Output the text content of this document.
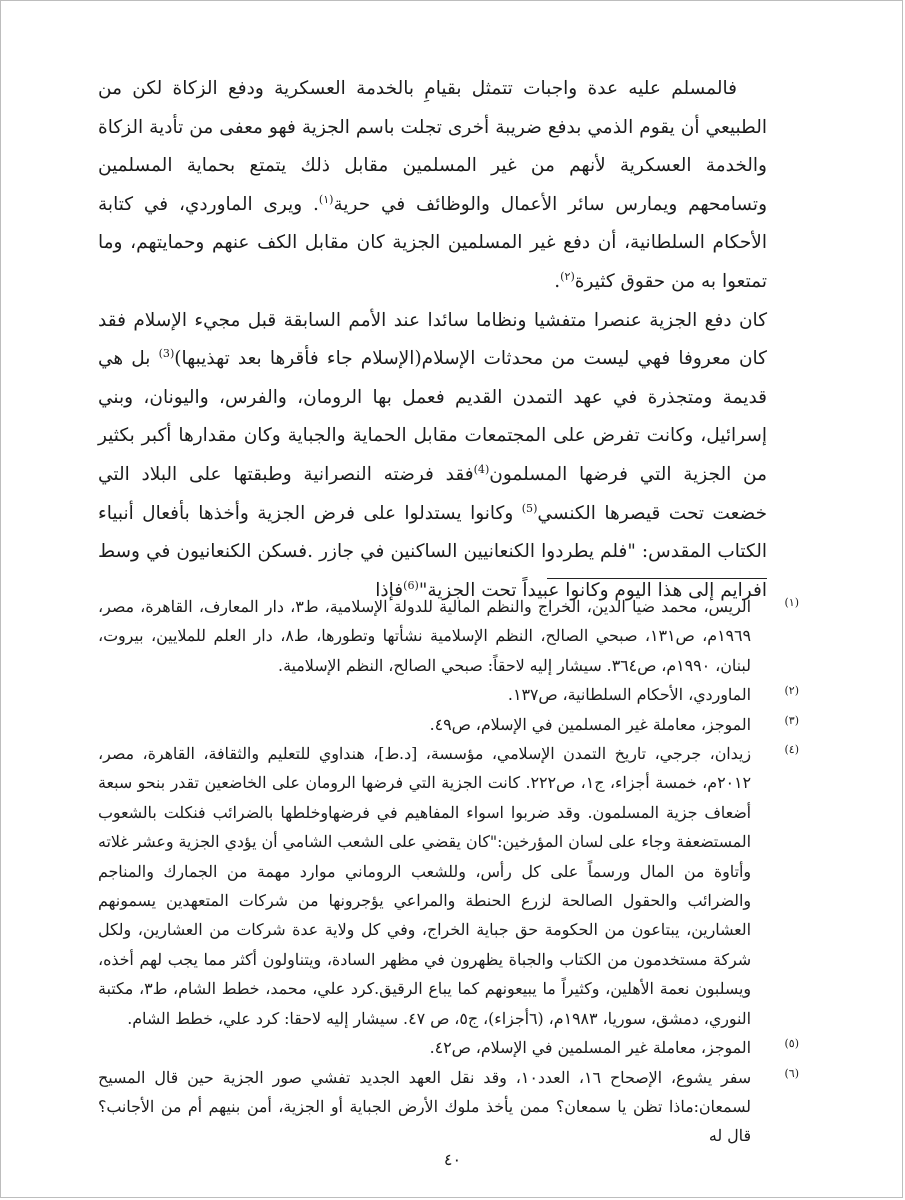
فالمسلم عليه عدة واجبات تتمثل بقيامِ بالخدمة العسكرية ودفع الزكاة لكن من الطبيعي أن يقوم الذمي بدفع ضريبة أخرى تجلت باسم الجزية فهو معفى من تأدية الزكاة والخدمة العسكرية لأنهم من غير المسلمين مقابل ذلك يتمتع بحماية المسلمين وتسامحهم ويمارس سائر الأعمال والوظائف في حرية$^{(١)}$. ويرى الماوردي، في كتابة الأحكام السلطانية، أن دفع غير المسلمين الجزية كان مقابل الكف عنهم وحمايتهم، وما تمتعوا به من حقوق كثيرة$^{(٢)}$.

كان دفع الجزية عنصرا متفشيا ونظاما سائدا عند الأمم السابقة قبل مجيء الإسلام فقد كان معروفا فهي ليست من محدثات الإسلام(الإسلام جاء فأقرها بعد تهذيبها)$^{(3)}$ بل هي قديمة ومتجذرة في عهد التمدن القديم فعمل بها الرومان، والفرس، واليونان، وبني إسرائيل، وكانت تفرض على المجتمعات مقابل الحماية والجباية وكان مقدارها أكبر بكثير من الجزية التي فرضها المسلمون$^{(4)}$فقد فرضته النصرانية وطبقتها على البلاد التي خضعت تحت قيصرها الكنسي$^{(5)}$ وكانوا يستدلوا على فرض الجزية وأخذها بأفعال أنبياء الكتاب المقدس: "فلم يطردوا الكنعانيين الساكنين في جازر .فسكن الكنعانيون في وسط افرايم إلى هذا اليوم وكانوا عبيداً تحت الجزية"$^{(6)}$فإذا

(١)
الريس، محمد ضيا الدين، الخراج والنظم المالية للدولة الإسلامية، ط٣، دار المعارف، القاهرة، مصر، ١٩٦٩م، ص١٣١، صبحي الصالح، النظم الإسلامية نشأتها وتطورها، ط٨، دار العلم للملايين، بيروت، لبنان، ١٩٩٠م، ص٣٦٤. سيشار إليه لاحقاً: صبحي الصالح، النظم الإسلامية.

(٢)
الماوردي، الأحكام السلطانية، ص١٣٧.

(٣)
الموجز، معاملة غير المسلمين في الإسلام، ص٤٩.

(٤)
زيدان، جرجي، تاريخ التمدن الإسلامي، مؤسسة، [د.ط]، هنداوي للتعليم والثقافة، القاهرة، مصر، ٢٠١٢م، خمسة أجزاء، ج١، ص٢٢٢. كانت الجزية التي فرضها الرومان على الخاضعين تقدر بنحو سبعة أضعاف جزية المسلمون. وقد ضربوا اسواء المفاهيم في فرضهاوخلطها بالضرائب فنكلت بالشعوب المستضعفة وجاء على لسان المؤرخين:"كان يقضي على الشعب الشامي أن يؤدي الجزية وعشر غلاته وأتاوة من المال ورسماً على كل رأس، وللشعب الروماني موارد مهمة من الجمارك والمناجم والضرائب والحقول الصالحة لزرع الحنطة والمراعي يؤجرونها من شركات المتعهدين يسمونهم العشارين، يبتاعون من الحكومة حق جباية الخراج، وفي كل ولاية عدة شركات من العشارين، ولكل شركة مستخدمون من الكتاب والجباة يظهرون في مظهر السادة، ويتناولون أكثر مما يجب لهم أخذه، ويسلبون نعمة الأهلين، وكثيراً ما يبيعونهم كما يباع الرقيق.كرد علي، محمد، خطط الشام، ط٣، مكتبة النوري، دمشق، سوريا، ١٩٨٣م، (٦أجزاء)، ج٥، ص ٤٧. سيشار إليه لاحقا: كرد علي، خطط الشام.

(٥)
الموجز، معاملة غير المسلمين في الإسلام، ص٤٢.

(٦)
سفر يشوع، الإصحاح ١٦، العدد١٠، وقد نقل العهد الجديد تفشي صور الجزية حين قال المسيح لسمعان:ماذا تظن يا سمعان؟ ممن يأخذ ملوك الأرض الجباية أو الجزية، أمن بنيهم أم من الأجانب؟ قال له

٤٠
